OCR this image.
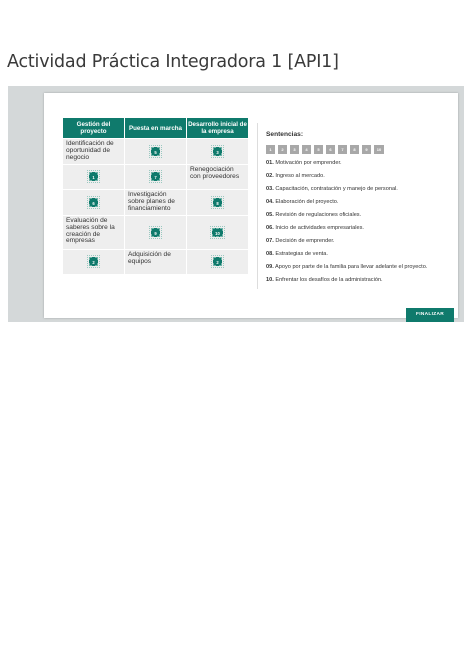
Actividad Práctica Integradora 1 [API1]
Gestión del proyecto	Puesta en marcha	Desarrollo inicial de la empresa
Identificación de oportunidad de negocio	5	3
1	7	Renegociación con proveedores
6	Investigación sobre planes de financiamiento	8
Evaluación de saberes sobre la creación de empresas	9	10
2	Adquisición de equipos	2
Sentencias:
1	2	3	4	5	6	7	8	9	10
01. Motivación por emprender.
02. Ingreso al mercado.
03. Capacitación, contratación y manejo de personal.
04. Elaboración del proyecto.
05. Revisión de regulaciones oficiales.
06. Inicio de actividades empresariales.
07. Decisión de emprender.
08. Estrategias de venta.
09. Apoyo por parte de la familia para llevar adelante el proyecto.
10. Enfrentar los desafíos de la administración.
FINALIZAR
